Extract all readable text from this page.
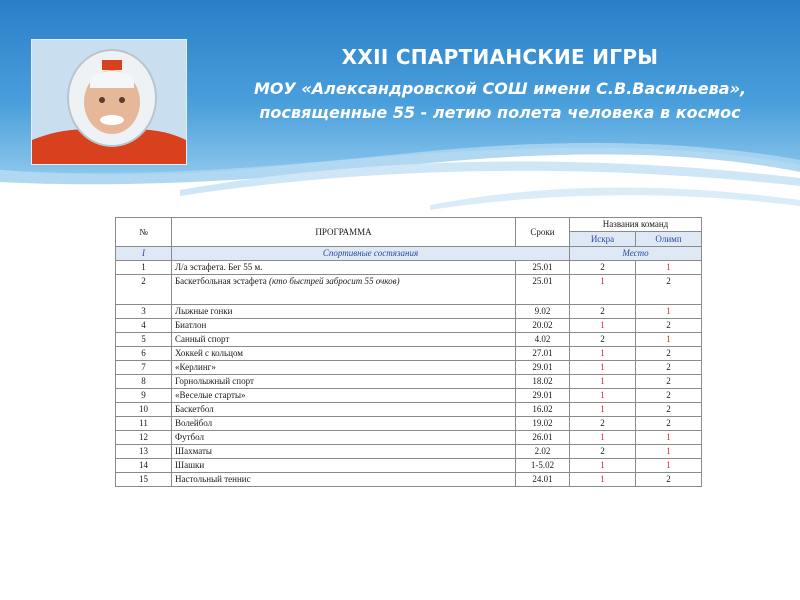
XXII СПАРТИАНСКИЕ ИГРЫ
МОУ «Александровской СОШ имени С.В.Васильева»,
посвященные 55 - летию полета человека в космос
№	ПРОГРАММА	Сроки	Названия команд	
			Искра	Олимп
I	Спортивные состязания		Место	
1	Л/а эстафета. Бег 55 м.	25.01	2	1
2	Баскетбольная эстафета (кто быстрей забросит 55 очков)	25.01	1	2
3	Лыжные гонки	9.02	2	1
4	Биатлон	20.02	1	2
5	Санный спорт	4.02	2	1
6	Хоккей с кольцом	27.01	1	2
7	«Керлинг»	29.01	1	2
8	Горнолыжный спорт	18.02	1	2
9	«Веселые старты»	29.01	1	2
10	Баскетбол	16.02	1	2
11	Волейбол	19.02	2	2
12	Футбол	26.01	1	1
13	Шахматы	2.02	2	1
14	Шашки	1-5.02	1	1
15	Настольный теннис	24.01	1	2
